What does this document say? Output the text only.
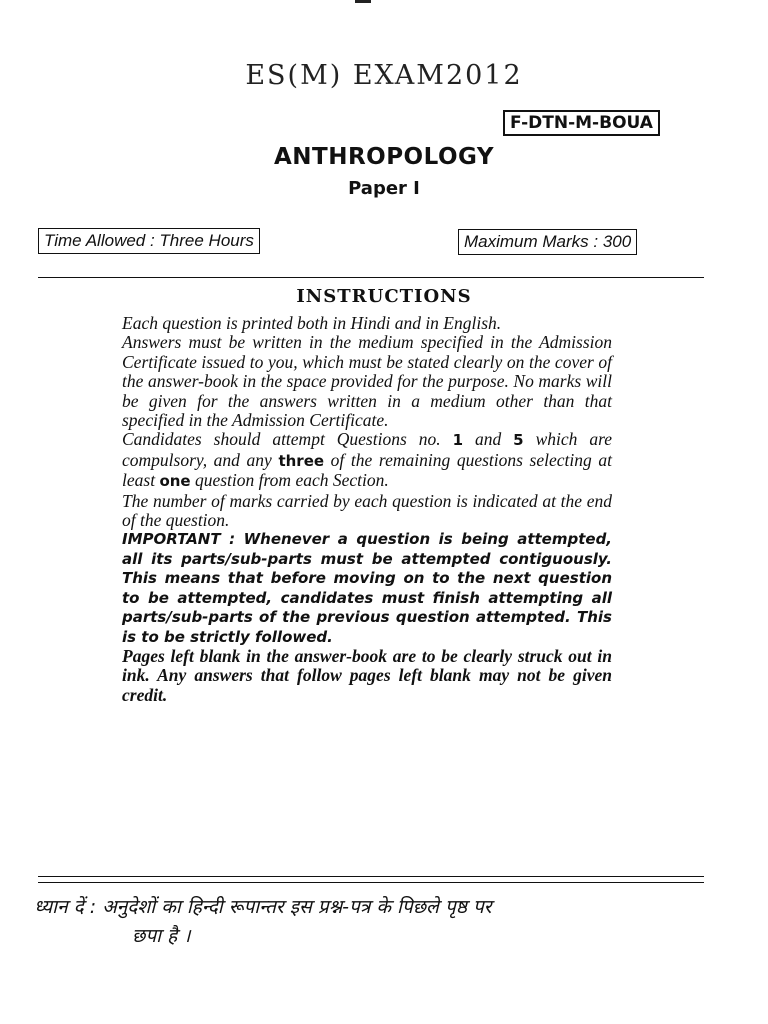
ES(M) EXAM2012
F-DTN-M-BOUA
ANTHROPOLOGY
Paper I
Time Allowed : Three Hours	Maximum Marks : 300
INSTRUCTIONS

Each question is printed both in Hindi and in English.

Answers must be written in the medium specified in the Admission Certificate issued to you, which must be stated clearly on the cover of the answer-book in the space provided for the purpose. No marks will be given for the answers written in a medium other than that specified in the Admission Certificate.

Candidates should attempt Questions no. 1 and 5 which are compulsory, and any three of the remaining questions selecting at least one question from each Section.

The number of marks carried by each question is indicated at the end of the question.

IMPORTANT : Whenever a question is being attempted, all its parts/sub-parts must be attempted contiguously. This means that before moving on to the next question to be attempted, candidates must finish attempting all parts/sub-parts of the previous question attempted. This is to be strictly followed.

Pages left blank in the answer-book are to be clearly struck out in ink. Any answers that follow pages left blank may not be given credit.

ध्यान दें : अनुदेशों का हिन्दी रूपान्तर इस प्रश्न-पत्र के पिछले पृष्ठ पर
छपा है ।
